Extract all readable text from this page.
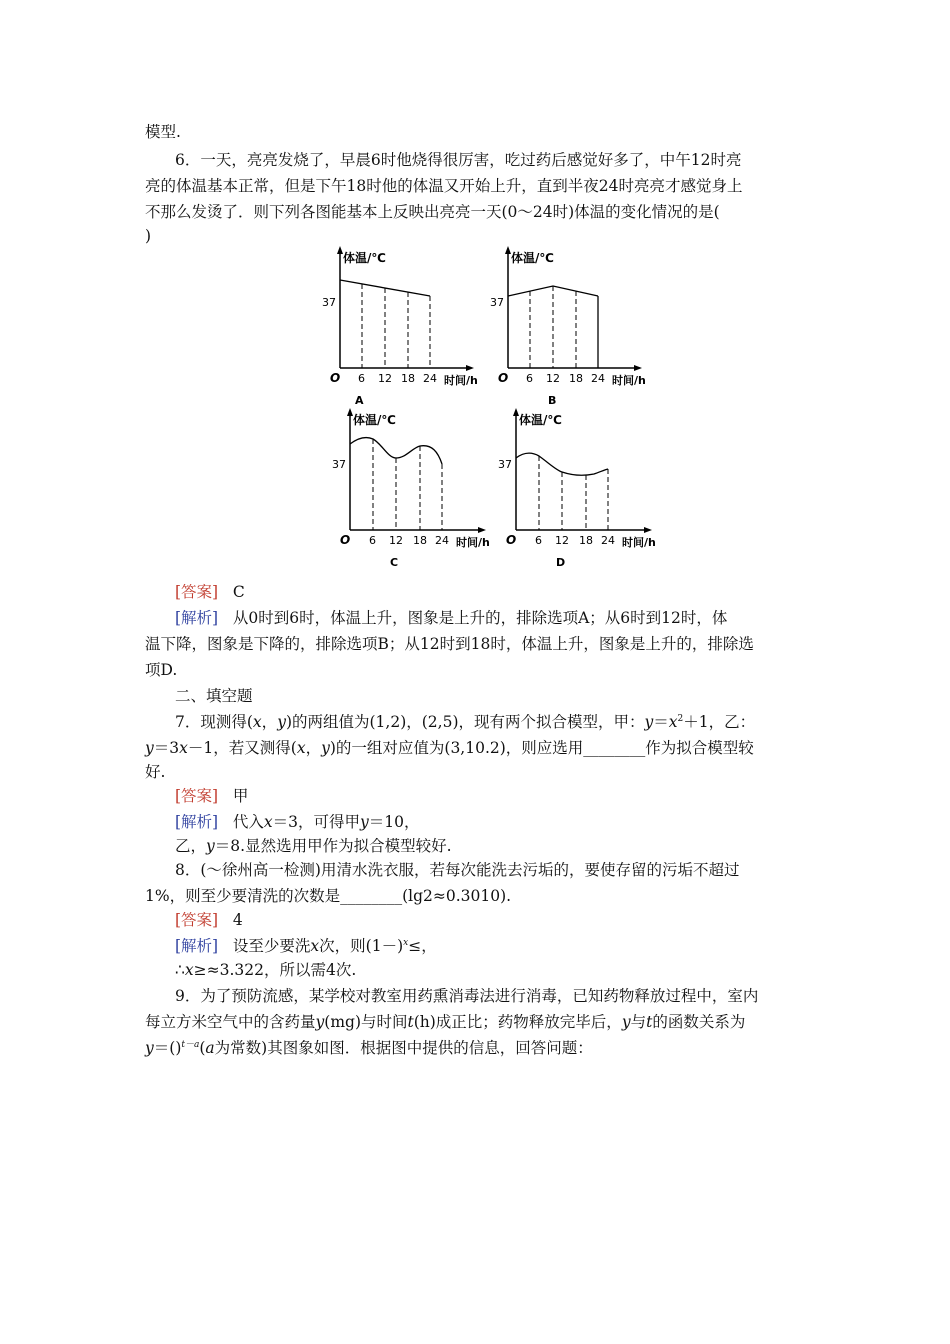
模型.
6．一天，亮亮发烧了，早晨6时他烧得很厉害，吃过药后感觉好多了，中午12时亮
亮的体温基本正常，但是下午18时他的体温又开始上升，直到半夜24时亮亮才感觉身上
不那么发烫了．则下列各图能基本上反映出亮亮一天(0～24时)体温的变化情况的是(
)
体温/℃
37
O 6 12 18 24 时间/h
A
体温/℃
37
O 6 12 18 24 时间/h
B
体温/℃
37
O 6 12 18 24 时间/h
C
体温/℃
37
O 6 12 18 24 时间/h
D
[答案] C
[解析] 从0时到6时，体温上升，图象是上升的，排除选项A；从6时到12时，体
温下降，图象是下降的，排除选项B；从12时到18时，体温上升，图象是上升的，排除选
项D.
二、填空题
7．现测得(x，y)的两组值为(1,2)，(2,5)，现有两个拟合模型，甲：$y=x^2+1$，乙：
y＝3x－1，若又测得(x，y)的一组对应值为(3,10.2)，则应选用________作为拟合模型较
好.
[答案] 甲
[解析] 代入x＝3，可得甲y＝10，
乙，y＝8.显然选用甲作为拟合模型较好.
8．(～徐州高一检测)用清水洗衣服，若每次能洗去污垢的，要使存留的污垢不超过
1%，则至少要清洗的次数是________(lg2≈0.3010).
[答案] 4
[解析] 设至少要洗x次，则$(1-)^x\le$，
∴x≥≈3.322，所以需4次.
9．为了预防流感，某学校对教室用药熏消毒法进行消毒，已知药物释放过程中，室内
每立方米空气中的含药量y(mg)与时间t(h)成正比；药物释放完毕后，y与t的函数关系为
y＝()$^{t-a}$(a为常数)其图象如图．根据图中提供的信息，回答问题：
